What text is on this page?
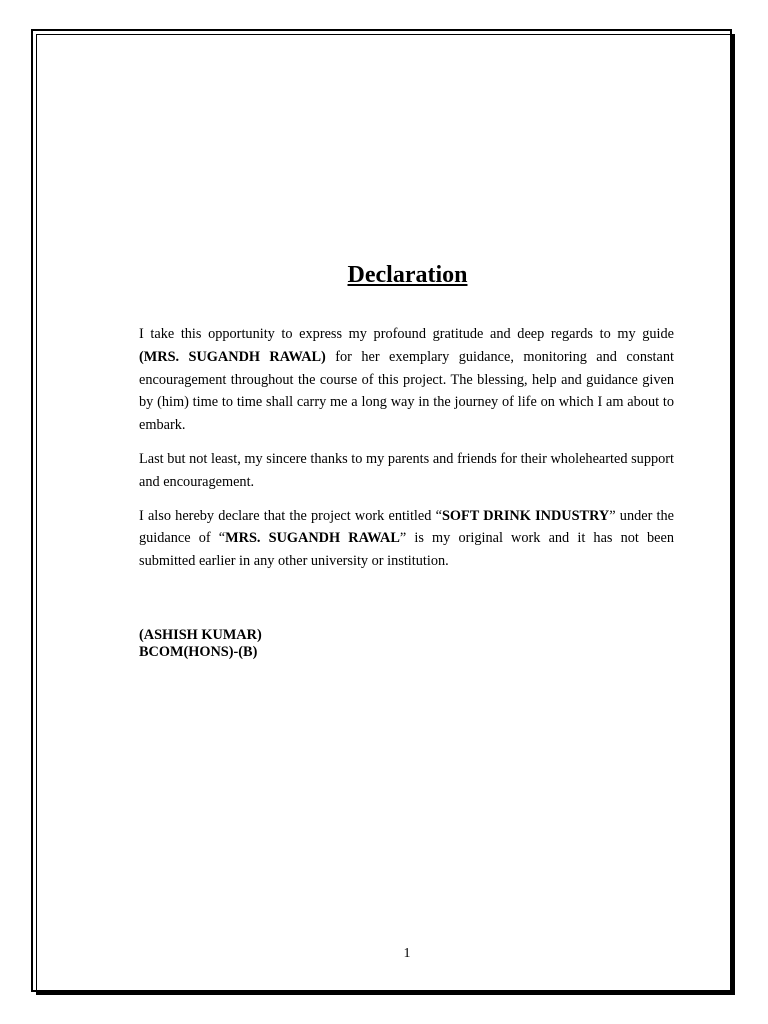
Declaration

I take this opportunity to express my profound gratitude and deep regards to my guide (MRS. SUGANDH RAWAL) for her exemplary guidance, monitoring and constant encouragement throughout the course of this project. The blessing, help and guidance given by (him) time to time shall carry me a long way in the journey of life on which I am about to embark.

Last but not least, my sincere thanks to my parents and friends for their wholehearted support and encouragement.

I also hereby declare that the project work entitled “SOFT DRINK INDUSTRY” under the guidance of “MRS. SUGANDH RAWAL” is my original work and it has not been submitted earlier in any other university or institution.

(ASHISH KUMAR)
BCOM(HONS)-(B)
1
